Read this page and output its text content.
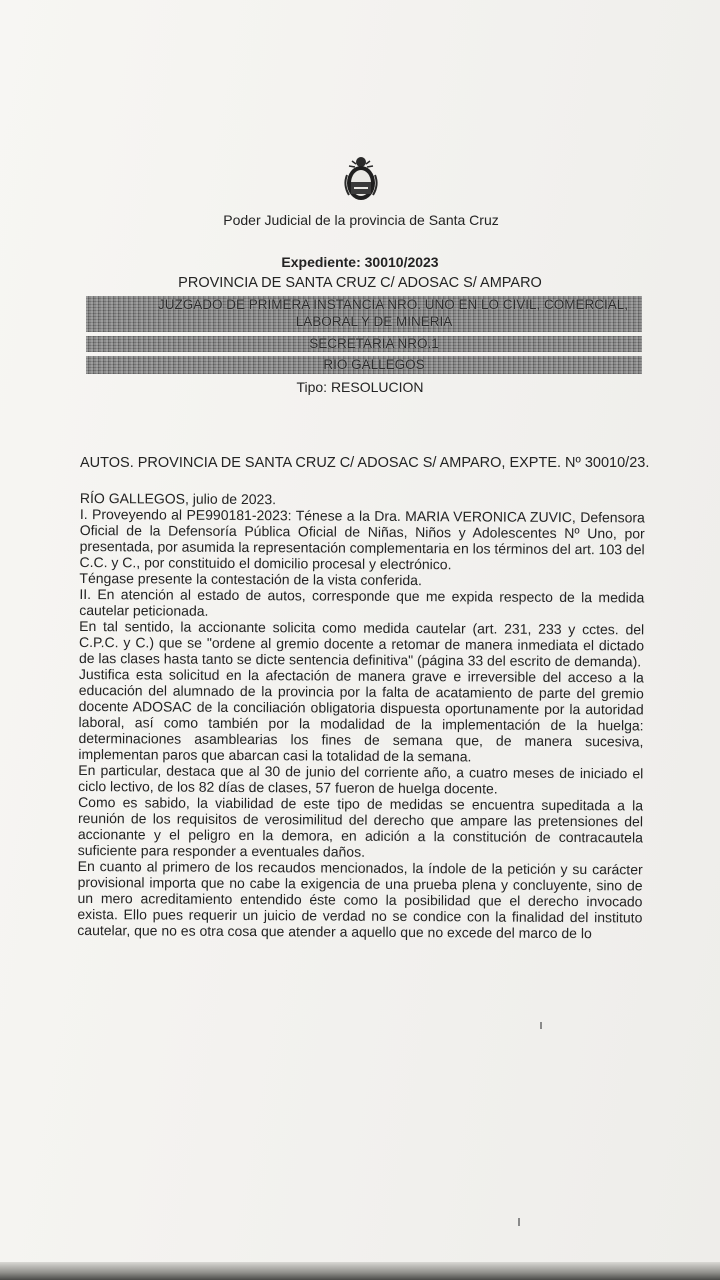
Poder Judicial de la provincia de Santa Cruz
Expediente: 30010/2023
PROVINCIA DE SANTA CRUZ C/ ADOSAC S/ AMPARO
JUZGADO DE PRIMERA INSTANCIA NRO. UNO EN LO CIVIL, COMERCIAL,
LABORAL Y DE MINERIA
SECRETARIA NRO.1
RIO GALLEGOS
Tipo: RESOLUCION
AUTOS. PROVINCIA DE SANTA CRUZ C/ ADOSAC S/ AMPARO, EXPTE. Nº 30010/23.

RÍO GALLEGOS, julio de 2023.

I. Proveyendo al PE990181-2023: Ténese a la Dra. MARIA VERONICA ZUVIC, Defensora Oficial de la Defensoría Pública Oficial de Niñas, Niños y Adolescentes Nº Uno, por presentada, por asumida la representación complementaria en los términos del art. 103 del C.C. y C., por constituido el domicilio procesal y electrónico.

Téngase presente la contestación de la vista conferida.

II. En atención al estado de autos, corresponde que me expida respecto de la medida cautelar peticionada.

En tal sentido, la accionante solicita como medida cautelar (art. 231, 233 y cctes. del C.P.C. y C.) que se "ordene al gremio docente a retomar de manera inmediata el dictado de las clases hasta tanto se dicte sentencia definitiva" (página 33 del escrito de demanda).

Justifica esta solicitud en la afectación de manera grave e irreversible del acceso a la educación del alumnado de la provincia por la falta de acatamiento de parte del gremio docente ADOSAC de la conciliación obligatoria dispuesta oportunamente por la autoridad laboral, así como también por la modalidad de la implementación de la huelga: determinaciones asamblearias los fines de semana que, de manera sucesiva, implementan paros que abarcan casi la totalidad de la semana.

En particular, destaca que al 30 de junio del corriente año, a cuatro meses de iniciado el ciclo lectivo, de los 82 días de clases, 57 fueron de huelga docente.

Como es sabido, la viabilidad de este tipo de medidas se encuentra supeditada a la reunión de los requisitos de verosimilitud del derecho que ampare las pretensiones del accionante y el peligro en la demora, en adición a la constitución de contracautela suficiente para responder a eventuales daños.

En cuanto al primero de los recaudos mencionados, la índole de la petición y su carácter provisional importa que no cabe la exigencia de una prueba plena y concluyente, sino de un mero acreditamiento entendido éste como la posibilidad que el derecho invocado exista. Ello pues requerir un juicio de verdad no se condice con la finalidad del instituto cautelar, que no es otra cosa que atender a aquello que no excede del marco de lo
